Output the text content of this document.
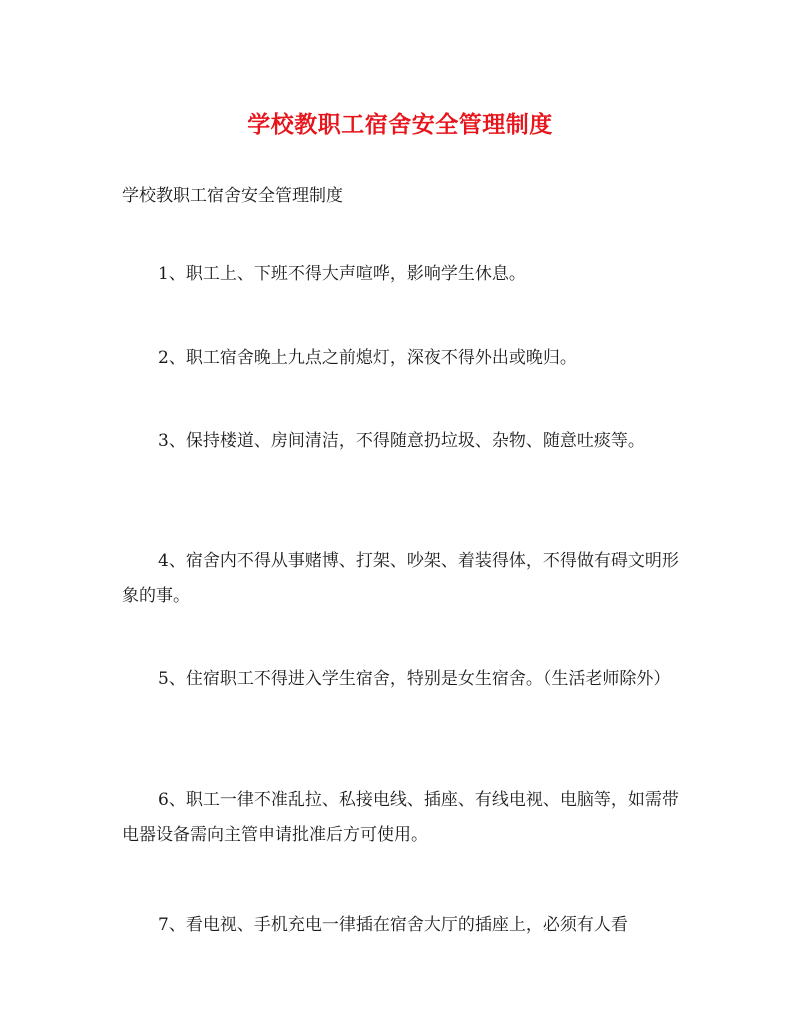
学校教职工宿舍安全管理制度

学校教职工宿舍安全管理制度

1、职工上、下班不得大声喧哗，影响学生休息。

2、职工宿舍晚上九点之前熄灯，深夜不得外出或晚归。

3、保持楼道、房间清洁，不得随意扔垃圾、杂物、随意吐痰等。

4、宿舍内不得从事赌博、打架、吵架、着装得体，不得做有碍文明形象的事。

5、住宿职工不得进入学生宿舍，特别是女生宿舍。（生活老师除外）

6、职工一律不准乱拉、私接电线、插座、有线电视、电脑等，如需带电器设备需向主管申请批准后方可使用。

7、看电视、手机充电一律插在宿舍大厅的插座上，必须有人看
